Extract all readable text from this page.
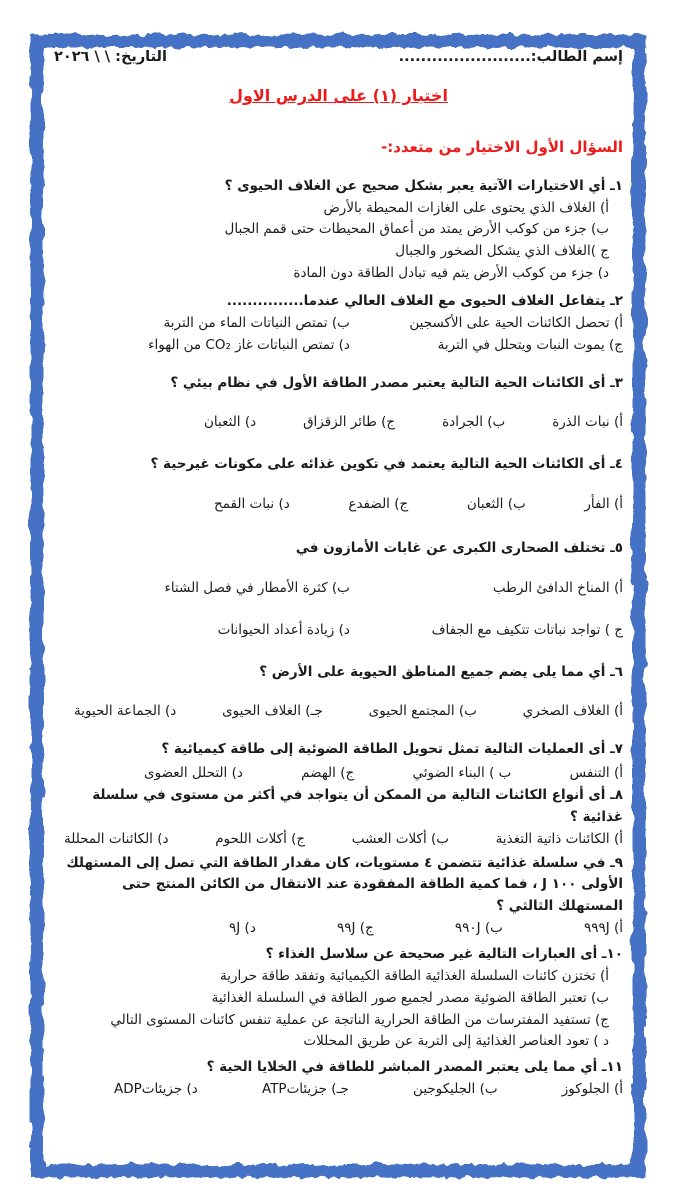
إسم الطالب:........................
التاريخ: \ \ ٢٠٢٦
اختبار (١) على الدرس الاول
السؤال الأول الاختيار من متعدد:-
١ـ أي الاختيارات الآتية يعبر بشكل صحيح عن الغلاف الحيوى ؟
أ) الغلاف الذي يحتوى على الغازات المحيطة بالأرض
ب) جزء من كوكب الأرض يمتد من أعماق المحيطات حتى قمم الجبال
ج )الغلاف الذي يشكل الصخور والجبال
د) جزء من كوكب الأرض يتم فيه تبادل الطاقة دون المادة
٢ـ يتفاعل الغلاف الحيوى مع الغلاف العالي عندما...............
أ) تحصل الكائنات الحية على الأكسجين
ب) تمتص النباتات الماء من التربة
ج) يموت النبات ويتحلل في التربة
د) تمتص النباتات غاز CO₂ من الهواء
٣ـ أى الكائنات الحية التالية يعتبر مصدر الطاقة الأول في نظام بيئي ؟
أ) نبات الذرة
ب) الجرادة
ج) طائر الزقزاق
د) الثعبان
٤ـ أى الكائنات الحية التالية يعتمد في تكوين غذائه على مكونات غيرحية ؟
أ) الفأر
ب) الثعبان
ج) الضفدع
د) نبات القمح
٥ـ تختلف الصحارى الكبرى عن غابات الأمازون في
أ) المناخ الدافئ الرطب
ب) كثرة الأمطار في فصل الشتاء
ج ) تواجد نباتات تتكيف مع الجفاف
د) زيادة أعداد الحيوانات
٦ـ أي مما يلى يضم جميع المناطق الحيوية على الأرض ؟
أ) الغلاف الصخري
ب) المجتمع الحيوى
جـ) الغلاف الحيوى
د) الجماعة الحيوية
٧ـ أى العمليات التالية تمثل تحويل الطاقة الضوئية إلى طاقة كيميائية ؟
أ) التنفس
ب ) البناء الضوئي
ج) الهضم
د) التحلل العضوى
٨ـ أى أنواع الكائنات التالية من الممكن أن يتواجد في أكثر من مستوى في سلسلة غذائية ؟
أ) الكائنات ذاتية التغذية
ب) أكلات العشب
ج) أكلات اللحوم
د) الكائنات المحللة
٩ـ في سلسلة غذائية تتضمن ٤ مستويات، كان مقدار الطاقة التي تصل إلى المستهلك الأولى ١٠٠ J ، فما كمية الطاقة المفقودة عند الانتقال من الكائن المنتج حتى المستهلك الثالثي ؟
أ) ٩٩٩J
ب) ٩٩٠J
ج) ٩٩J
د) ٩J
١٠ـ أى العبارات التالية غير صحيحة عن سلاسل الغذاء ؟
أ) تختزن كائنات السلسلة الغذائية الطاقة الكيميائية وتفقد طاقة حرارية
ب) تعتبر الطاقة الضوئية مصدر لجميع صور الطاقة في السلسلة الغذائية
ج) تستفيد المفترسات من الطاقة الحرارية الناتجة عن عملية تنفس كائنات المستوى التالي
د ) تعود العناصر الغذائية إلى التربة عن طريق المحللات
١١ـ أي مما يلى يعتبر المصدر المباشر للطاقة في الخلايا الحية ؟
أ) الجلوكوز
ب) الجليكوجين
جـ) جزيئاتATP
د) جزيئاتADP
